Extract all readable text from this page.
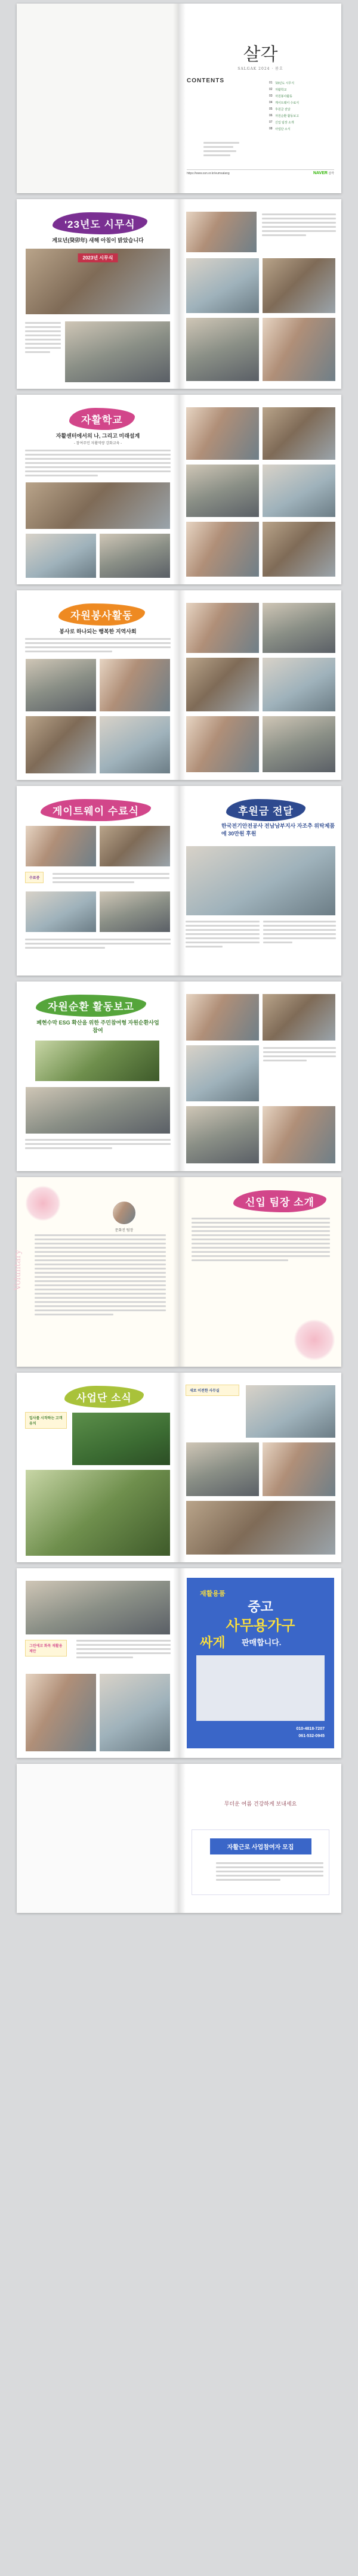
살각
SALGAK 2024 · 봄호
CONTENTS	01 '23년도 시무식
02 자활학교
03 자원봉사활동
04 게이트웨이 수료식
05 후원금 전달
06 자원순환 활동보고
07 신입 팀장 소개
08 사업단 소식
https://www.ssn.or.kr/eumsalang	NAVER 살각
'23년도 시무식
계묘년(癸卯年) 새해 아침이 밝았습니다
2023년 시무식
자활학교
자활센터에서의 나, 그리고 미래설계
- 참여주민 자활역량 강화교육 -
자원봉사활동
봉사로 하나되는 행복한 지역사회
게이트웨이 수료식
수료증
후원금 전달
한국전기안전공사 전남남부지사 자조추 위탁제품에 30만원 후원
자원순환 활동보고
폐현수막 ESG 확산을 위한 주민참여형 자원순환사업 참여
문화진 팀장
Voluntary
신입 팀장 소개
사업단 소식
입사를 시작하는 고객 유치
새로 이전한 사무실
그린에코 화목 재활용 제안
재활용품
중고
사무용가구
싸게 판매합니다.
010-4818-7207
061-532-0945
무더운 여름 건강하게 보내세요
자활근로 사업참여자 모집
